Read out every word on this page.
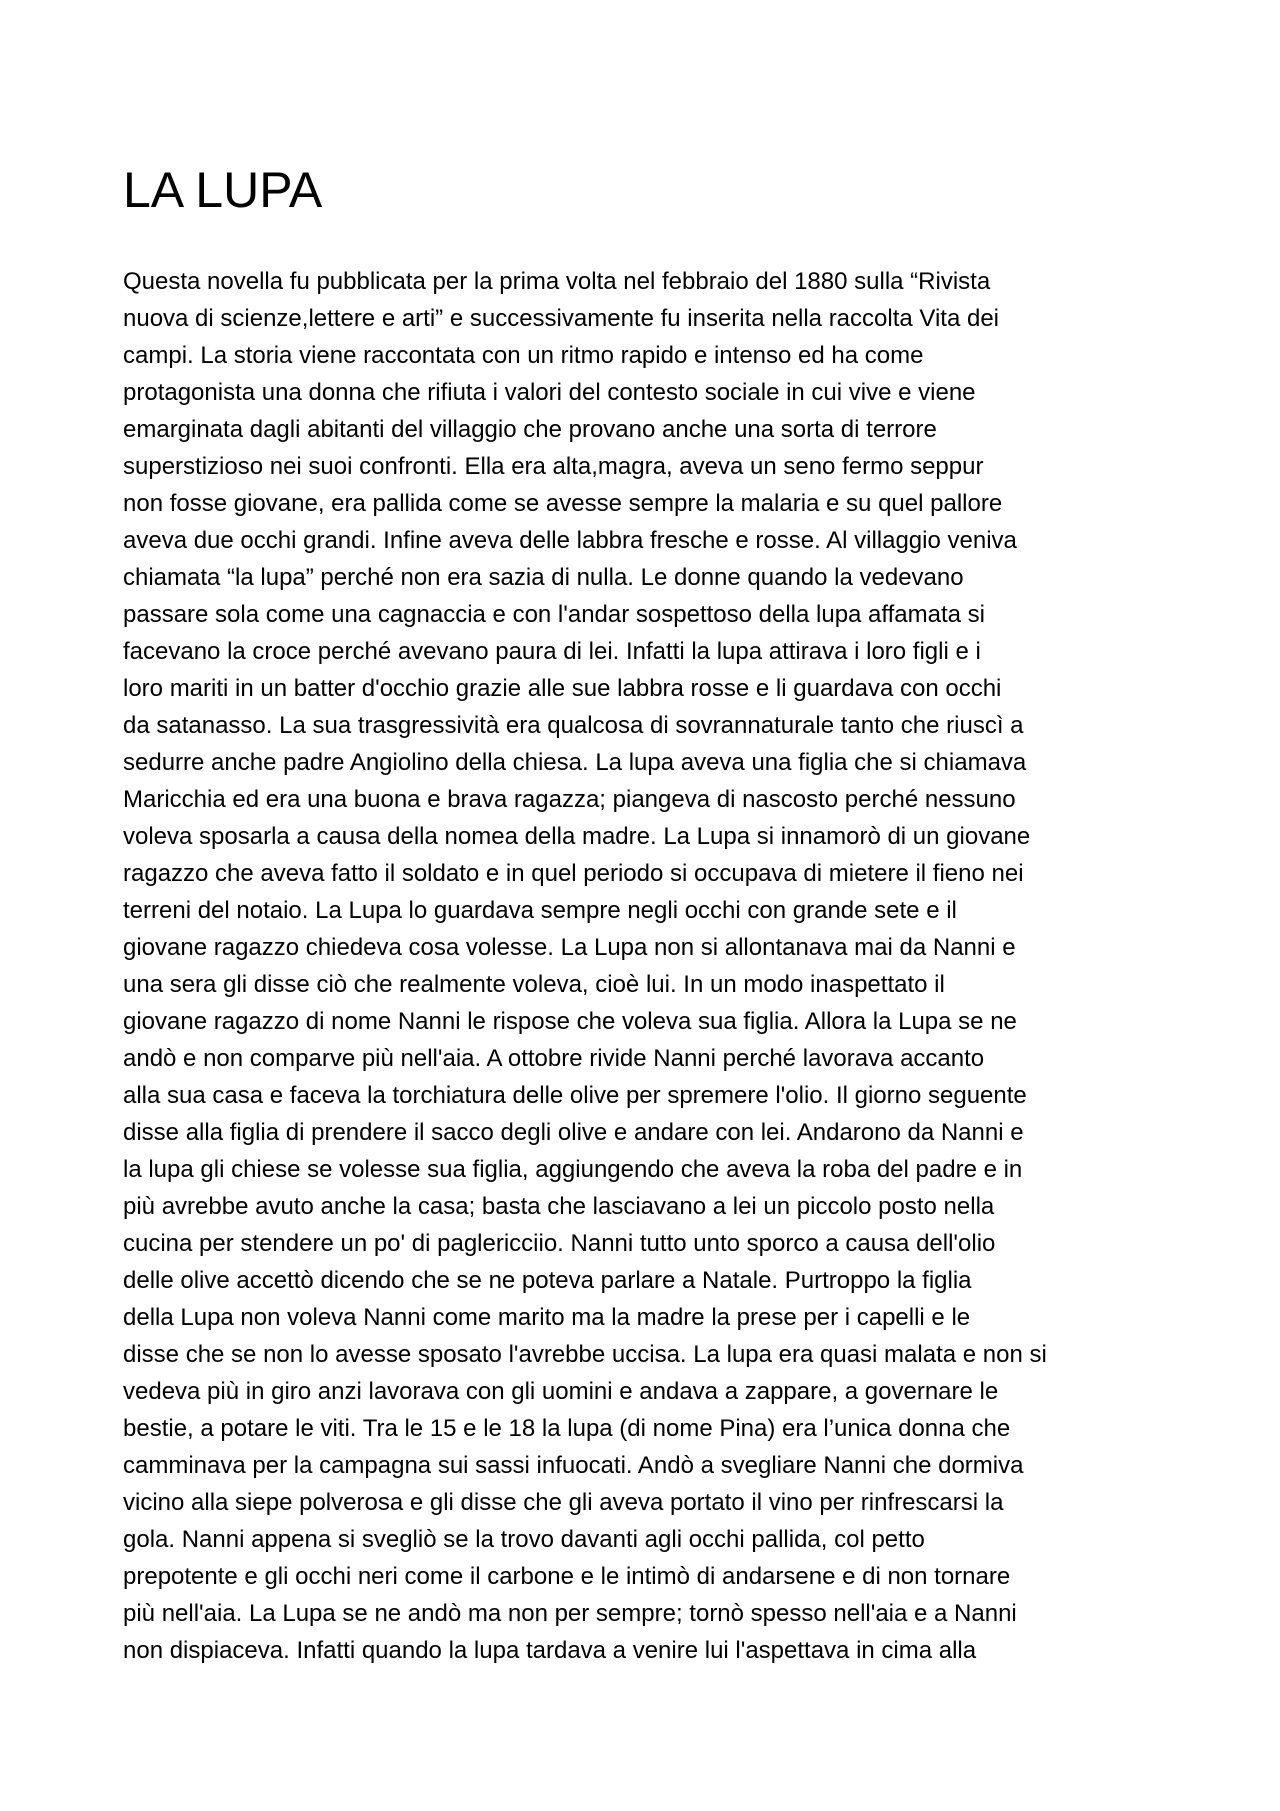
LA LUPA
Questa novella fu pubblicata per la prima volta nel febbraio del 1880 sulla “Rivista
nuova di scienze,lettere e arti” e successivamente fu inserita nella raccolta Vita dei
campi. La storia viene raccontata con un ritmo rapido e intenso ed ha come
protagonista una donna che rifiuta i valori del contesto sociale in cui vive e viene
emarginata dagli abitanti del villaggio che provano anche una sorta di terrore
superstizioso nei suoi confronti. Ella era alta,magra, aveva un seno fermo seppur
non fosse giovane, era pallida come se avesse sempre la malaria e su quel pallore
aveva due occhi grandi. Infine aveva delle labbra fresche e rosse. Al villaggio veniva
chiamata “la lupa” perché non era sazia di nulla. Le donne quando la vedevano
passare sola come una cagnaccia e con l'andar sospettoso della lupa affamata si
facevano la croce perché avevano paura di lei. Infatti la lupa attirava i loro figli e i
loro mariti in un batter d'occhio grazie alle sue labbra rosse e li guardava con occhi
da satanasso. La sua trasgressività era qualcosa di sovrannaturale tanto che riuscì a
sedurre anche padre Angiolino della chiesa. La lupa aveva una figlia che si chiamava
Maricchia ed era una buona e brava ragazza; piangeva di nascosto perché nessuno
voleva sposarla a causa della nomea della madre. La Lupa si innamorò di un giovane
ragazzo che aveva fatto il soldato e in quel periodo si occupava di mietere il fieno nei
terreni del notaio. La Lupa lo guardava sempre negli occhi con grande sete e il
giovane ragazzo chiedeva cosa volesse. La Lupa non si allontanava mai da Nanni e
una sera gli disse ciò che realmente voleva, cioè lui. In un modo inaspettato il
giovane ragazzo di nome Nanni le rispose che voleva sua figlia. Allora la Lupa se ne
andò e non comparve più nell'aia. A ottobre rivide Nanni perché lavorava accanto
alla sua casa e faceva la torchiatura delle olive per spremere l'olio. Il giorno seguente
disse alla figlia di prendere il sacco degli olive e andare con lei. Andarono da Nanni e
la lupa gli chiese se volesse sua figlia, aggiungendo che aveva la roba del padre e in
più avrebbe avuto anche la casa; basta che lasciavano a lei un piccolo posto nella
cucina per stendere un po' di paglericciio. Nanni tutto unto sporco a causa dell'olio
delle olive accettò dicendo che se ne poteva parlare a Natale. Purtroppo la figlia
della Lupa non voleva Nanni come marito ma la madre la prese per i capelli e le
disse che se non lo avesse sposato l'avrebbe uccisa. La lupa era quasi malata e non si
vedeva più in giro anzi lavorava con gli uomini e andava a zappare, a governare le
bestie, a potare le viti. Tra le 15 e le 18 la lupa (di nome Pina) era l’unica donna che
camminava per la campagna sui sassi infuocati. Andò a svegliare Nanni che dormiva
vicino alla siepe polverosa e gli disse che gli aveva portato il vino per rinfrescarsi la
gola. Nanni appena si svegliò se la trovo davanti agli occhi pallida, col petto
prepotente e gli occhi neri come il carbone e le intimò di andarsene e di non tornare
più nell'aia. La Lupa se ne andò ma non per sempre; tornò spesso nell'aia e a Nanni
non dispiaceva. Infatti quando la lupa tardava a venire lui l'aspettava in cima alla
